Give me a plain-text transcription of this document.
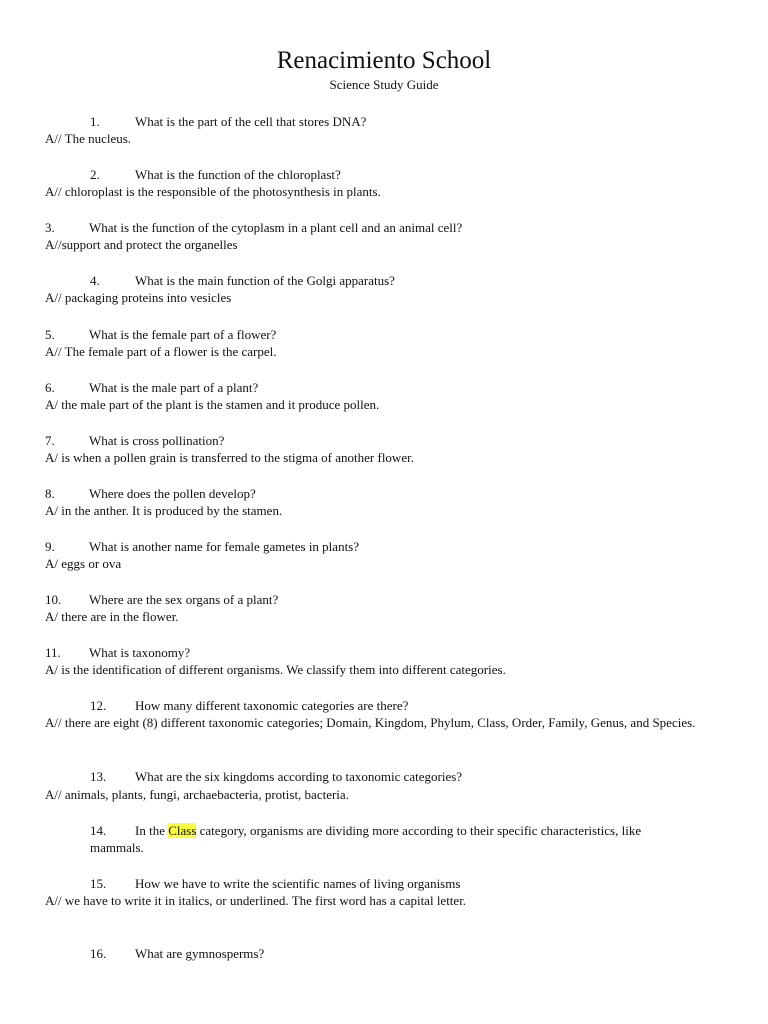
Renacimiento School
Science Study Guide
1.	What is the part of the cell that stores DNA?
A// The nucleus.
2.	What is the function of the chloroplast?
A// chloroplast is the responsible of the photosynthesis in plants.
3.	What is the function of the cytoplasm in a plant cell and an animal cell?
A//support and protect the organelles
4.	What is the main function of the Golgi apparatus?
A// packaging proteins into vesicles
5.	What is the female part of a flower?
A// The female part of a flower is the carpel.
6.	What is the male part of a plant?
A/ the male part of the plant is the stamen and it produce pollen.
7.	What is cross pollination?
A/ is when a pollen grain is transferred to the stigma of another flower.
8.	Where does the pollen develop?
A/ in the anther. It is produced by the stamen.
9.	What is another name for female gametes in plants?
A/ eggs or ova
10. Where are the sex organs of a plant?
A/ there are in the flower.
11. What is taxonomy?
A/ is the identification of different organisms. We classify them into different categories.
12. How many different taxonomic categories are there?
A// there are eight (8) different taxonomic categories; Domain, Kingdom, Phylum, Class, Order, Family, Genus, and Species.
13. What are the six kingdoms according to taxonomic categories?
A// animals, plants, fungi, archaebacteria, protist, bacteria.
14. In the Class category, organisms are dividing more according to their specific characteristics, like
mammals.
15. How we have to write the scientific names of living organisms
A// we have to write it in italics, or underlined. The first word has a capital letter.
16. What are gymnosperms?
